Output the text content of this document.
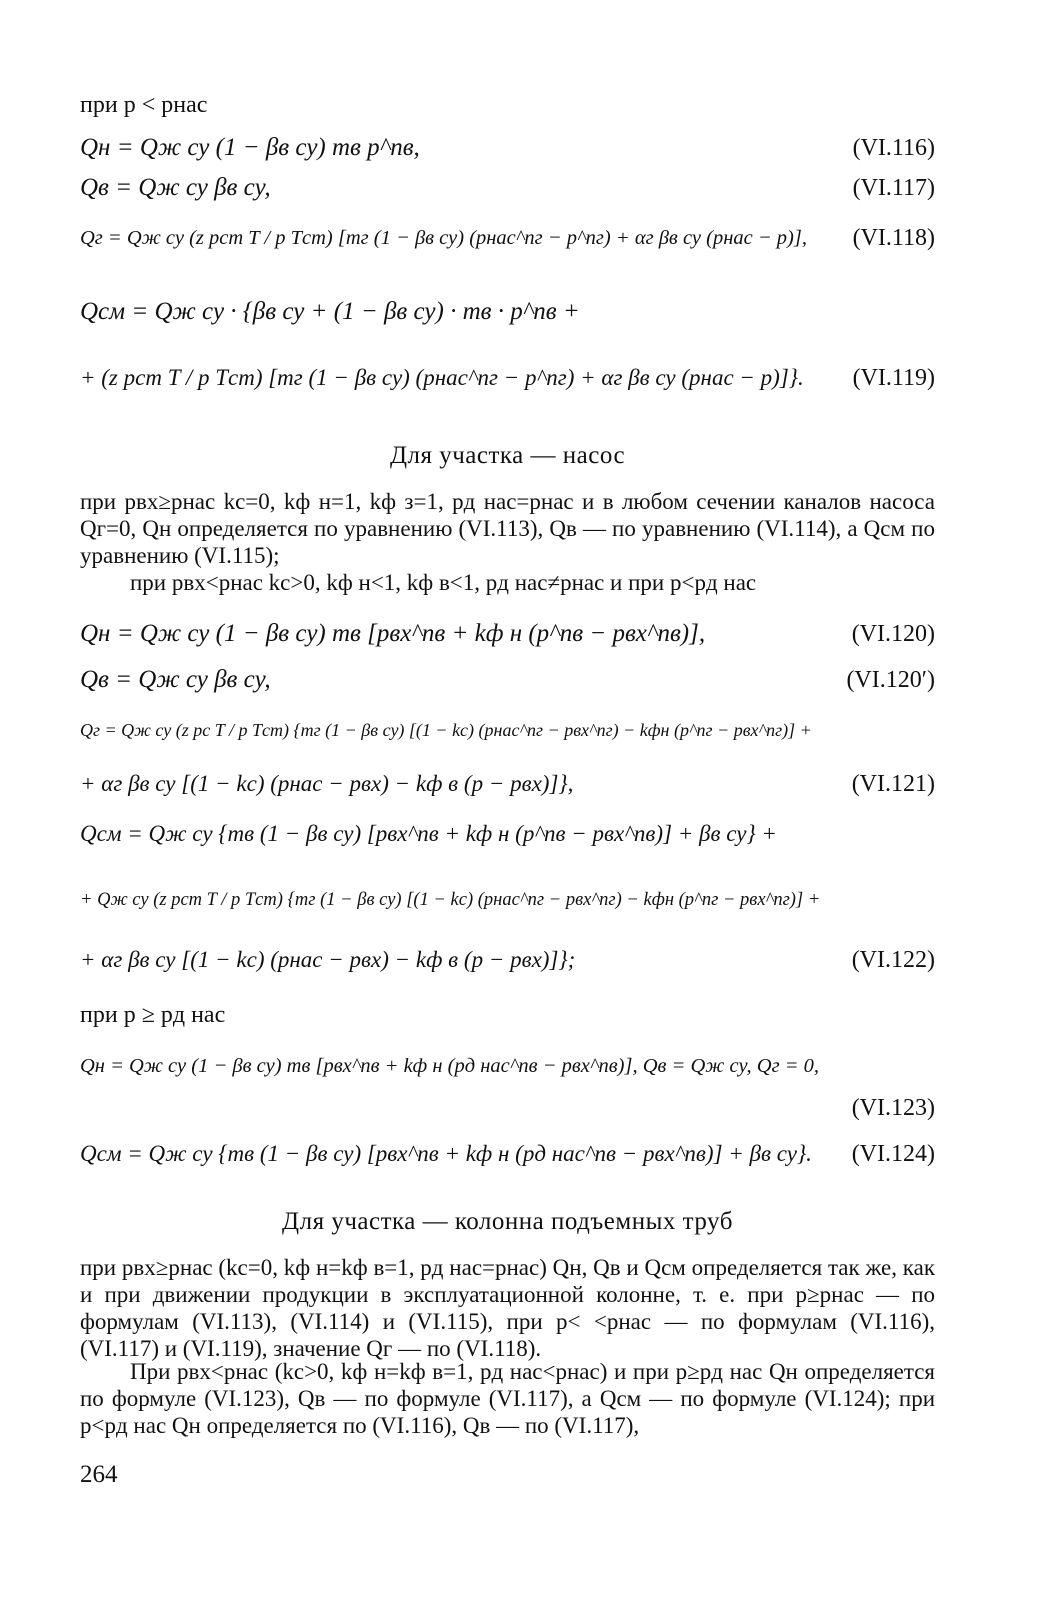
при p < pнас
Qн = Qж су (1 − βв су) mв p^nв,	(VI.116)
Qв = Qж су βв су,	(VI.117)
Qг = Qж су (z pст T / p Tст) [mг (1 − βв су) (pнас^nг − p^nг) + αг βв су (pнас − p)], (VI.118)
Qсм = Qж су · {βв су + (1 − βв су) · mв · p^nв +
+ (z pст T / p Tст) [mг (1 − βв су) (pнас^nг − p^nг) + αг βв су (pнас − p)]}. (VI.119)
Для участка — насос
при pвх≥pнас kс=0, kф н=1, kф з=1, pд нас=pнас и в любом сечении каналов насоса Qг=0, Qн определяется по уравнению (VI.113), Qв — по уравнению (VI.114), а Qсм по уравнению (VI.115);
при pвх<pнас kс>0, kф н<1, kф в<1, pд нас≠pнас и при p<pд нас
Qн = Qж су (1 − βв су) mв [pвх^nв + kф н (p^nв − pвх^nв)],	(VI.120)
Qв = Qж су βв су,	(VI.120′)
Qг = Qж су (z pс T / p Tст) {mг (1 − βв су) [(1 − kс) (pнас^nг − pвх^nг) − kфн (p^nг − pвх^nг)] +
+ αг βв су [(1 − kс) (pнас − pвх) − kф в (p − pвх)]},	(VI.121)
Qсм = Qж су {mв (1 − βв су) [pвх^nв + kф н (p^nв − pвх^nв)] + βв су} +
+ Qж су (z pст T / p Tст) {mг (1 − βв су) [(1 − kс) (pнас^nг − pвх^nг) − kфн (p^nг − pвх^nг)] +
+ αг βв су [(1 − kс) (pнас − pвх) − kф в (p − pвх)]};	(VI.122)
при p ≥ pд нас
Qн = Qж су (1 − βв су) mв [pвх^nв + kф н (pд нас^nв − pвх^nв)], Qв = Qж су, Qг = 0,
(VI.123)
Qсм = Qж су {mв (1 − βв су) [pвх^nв + kф н (pд нас^nв − pвх^nв)] + βв су}. (VI.124)
Для участка — колонна подъемных труб
при pвх≥pнас (kс=0, kф н=kф в=1, pд нас=pнас) Qн, Qв и Qсм определяется так же, как и при движении продукции в эксплуатационной колонне, т. е. при p≥pнас — по формулам (VI.113), (VI.114) и (VI.115), при p< <pнас — по формулам (VI.116), (VI.117) и (VI.119), значение Qг — по (VI.118).
При pвх<pнас (kс>0, kф н=kф в=1, pд нас<pнас) и при p≥pд нас Qн определяется по формуле (VI.123), Qв — по формуле (VI.117), а Qсм — по формуле (VI.124); при p<pд нас Qн определяется по (VI.116), Qв — по (VI.117),
264
